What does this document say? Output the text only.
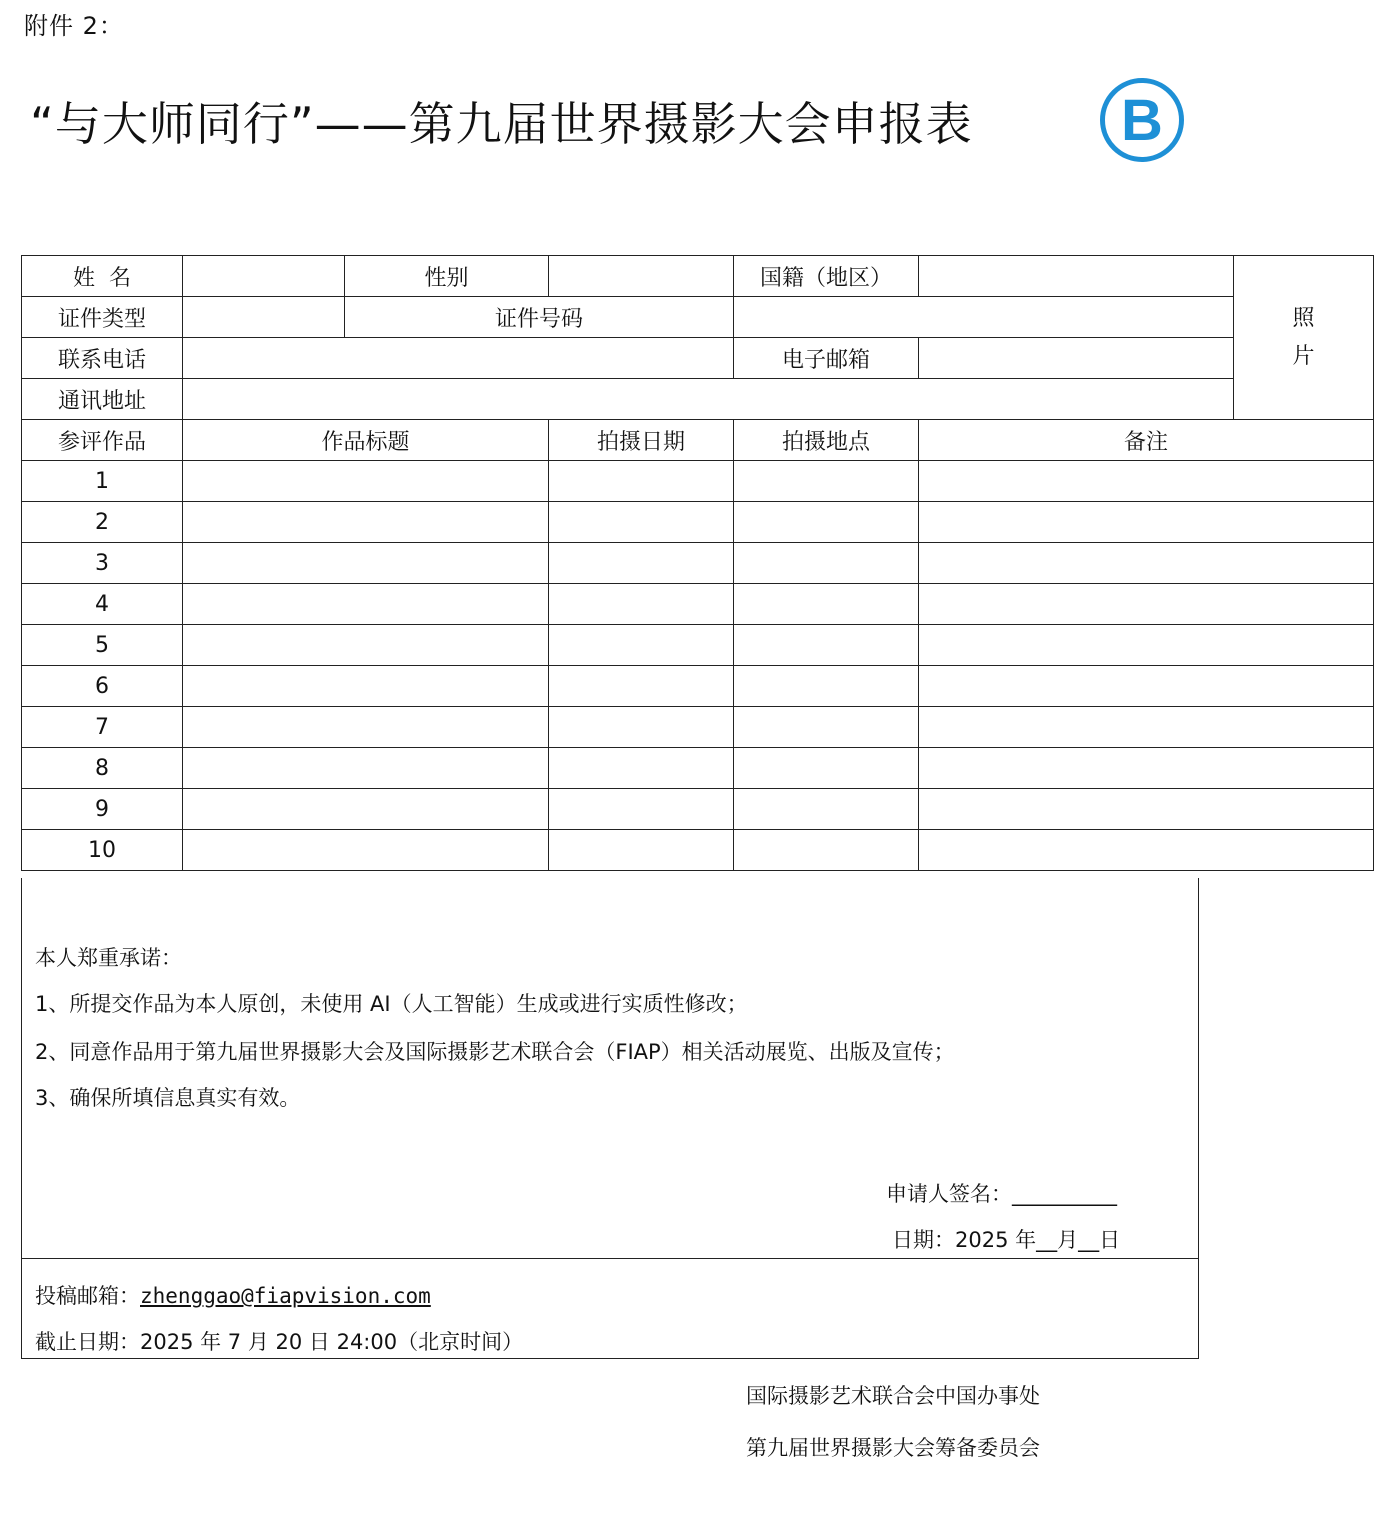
附件 2：
“与大师同行”——第九届世界摄影大会申报表	B
姓  名		性别		国籍（地区）		照
片
证件类型		证件号码				
联系电话				电子邮箱		
通讯地址						
参评作品	作品标题		拍摄日期	拍摄地点	备注	
1						
2						
3						
4						
5						
6						
7						
8						
9						
10						
本人郑重承诺：
1、所提交作品为本人原创，未使用 AI（人工智能）生成或进行实质性修改；
2、同意作品用于第九届世界摄影大会及国际摄影艺术联合会（FIAP）相关活动展览、出版及宣传；
3、确保所填信息真实有效。
申请人签名：__________
日期：2025 年__月__日
投稿邮箱：zhenggao@fiapvision.com
截止日期：2025 年 7 月 20 日 24:00（北京时间）
国际摄影艺术联合会中国办事处
第九届世界摄影大会筹备委员会
